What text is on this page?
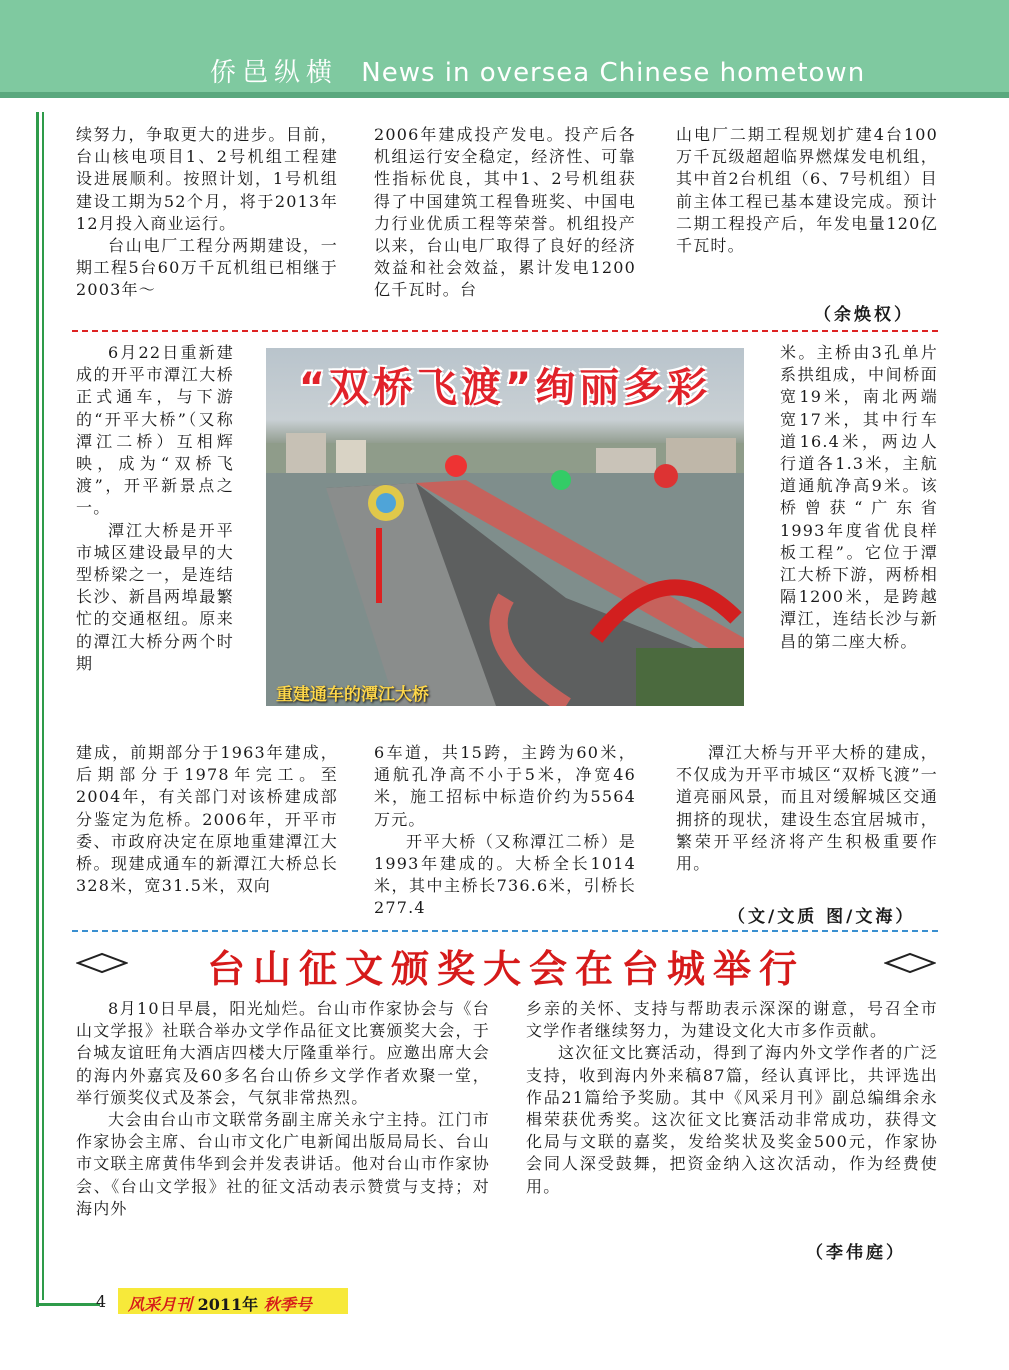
侨邑纵横 News in oversea Chinese hometown

续努力，争取更大的进步。目前，台山核电项目1、2号机组工程建设进展顺利。按照计划，1号机组建设工期为52个月，将于2013年12月投入商业运行。

台山电厂工程分两期建设，一期工程5台60万千瓦机组已相继于2003年～

2006年建成投产发电。投产后各机组运行安全稳定，经济性、可靠性指标优良，其中1、2号机组获得了中国建筑工程鲁班奖、中国电力行业优质工程等荣誉。机组投产以来，台山电厂取得了良好的经济效益和社会效益，累计发电1200亿千瓦时。台

山电厂二期工程规划扩建4台100万千瓦级超超临界燃煤发电机组，其中首2台机组（6、7号机组）目前主体工程已基本建设完成。预计二期工程投产后，年发电量120亿千瓦时。

（余焕权）

6月22日重新建成的开平市潭江大桥正式通车，与下游的“开平大桥”（又称潭江二桥）互相辉映，成为“双桥飞渡”，开平新景点之一。

潭江大桥是开平市城区建设最早的大型桥梁之一，是连结长沙、新昌两埠最繁忙的交通枢纽。原来的潭江大桥分两个时期

“双桥飞渡”绚丽多彩
重建通车的潭江大桥

米。主桥由3孔单片系拱组成，中间桥面宽19米，南北两端宽17米，其中行车道16.4米，两边人行道各1.3米，主航道通航净高9米。该桥曾获“广东省1993年度省优良样板工程”。它位于潭江大桥下游，两桥相隔1200米，是跨越潭江，连结长沙与新昌的第二座大桥。

建成，前期部分于1963年建成，后期部分于1978年完工。至2004年，有关部门对该桥建成部分鉴定为危桥。2006年，开平市委、市政府决定在原地重建潭江大桥。现建成通车的新潭江大桥总长328米，宽31.5米，双向

6车道，共15跨，主跨为60米，通航孔净高不小于5米，净宽46米，施工招标中标造价约为5564万元。

开平大桥（又称潭江二桥）是1993年建成的。大桥全长1014米，其中主桥长736.6米，引桥长277.4

潭江大桥与开平大桥的建成，不仅成为开平市城区“双桥飞渡”一道亮丽风景，而且对缓解城区交通拥挤的现状，建设生态宜居城市，繁荣开平经济将产生积极重要作用。

（文/文质 图/文海）
台山征文颁奖大会在台城举行

8月10日早晨，阳光灿烂。台山市作家协会与《台山文学报》社联合举办文学作品征文比赛颁奖大会，于台城友谊旺角大酒店四楼大厅隆重举行。应邀出席大会的海内外嘉宾及60多名台山侨乡文学作者欢聚一堂，举行颁奖仪式及茶会，气氛非常热烈。

大会由台山市文联常务副主席关永宁主持。江门市作家协会主席、台山市文化广电新闻出版局局长、台山市文联主席黄伟华到会并发表讲话。他对台山市作家协会、《台山文学报》社的征文活动表示赞赏与支持；对海内外

乡亲的关怀、支持与帮助表示深深的谢意，号召全市文学作者继续努力，为建设文化大市多作贡献。

这次征文比赛活动，得到了海内外文学作者的广泛支持，收到海内外来稿87篇，经认真评比，共评选出作品21篇给予奖励。其中《风采月刊》副总编缉余永楫荣获优秀奖。这次征文比赛活动非常成功，获得文化局与文联的嘉奖，发给奖状及奖金500元，作家协会同人深受鼓舞，把资金纳入这次活动，作为经费使用。

（李伟庭）
4 风采月刊 2011年 秋季号
